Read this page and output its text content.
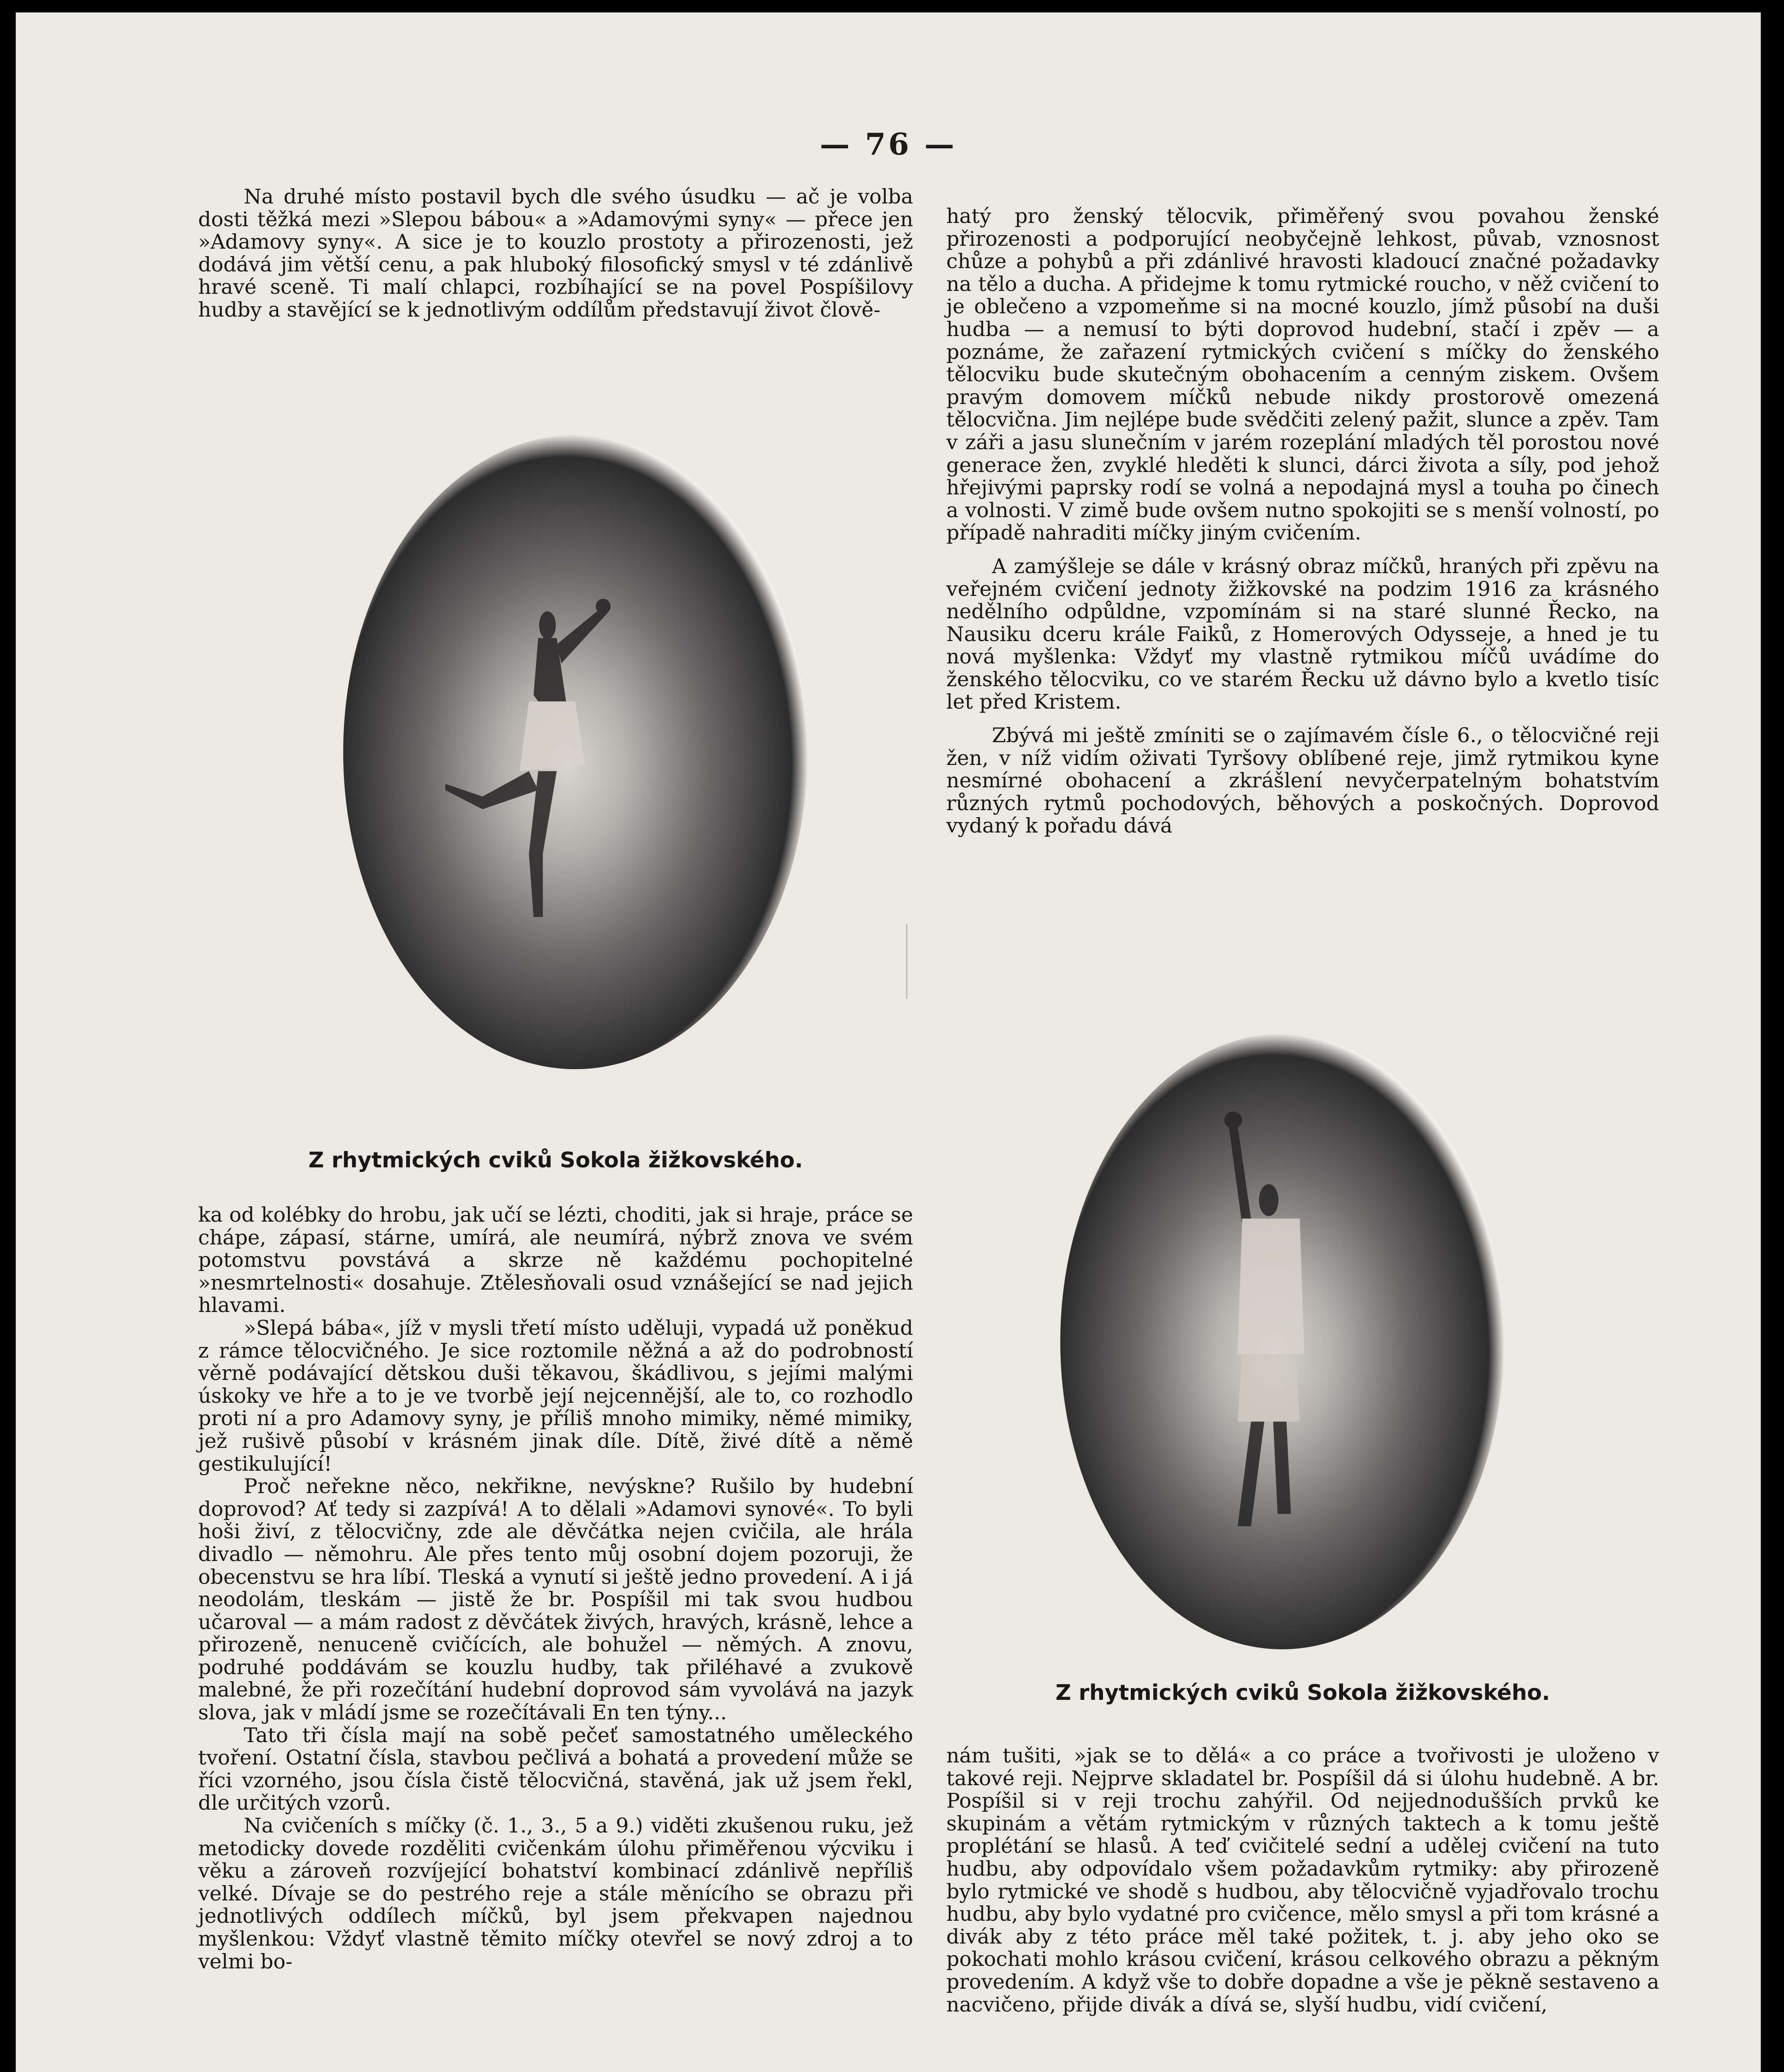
— 76 —

Na druhé místo postavil bych dle svého úsudku — ač je volba dosti těžká mezi »Slepou bábou« a »Adamovými syny« — přece jen »Adamovy syny«. A sice je to kouzlo prostoty a přirozenosti, jež dodává jim větší cenu, a pak hluboký filosofický smysl v té zdánlivě hravé sceně. Ti malí chlapci, rozbíhající se na povel Pospíšilovy hudby a stavějící se k jednotlivým oddílům představují život člově-

Z rhytmických cviků Sokola žižkovského.

ka od kolébky do hrobu, jak učí se lézti, choditi, jak si hraje, práce se chápe, zápasí, stárne, umírá, ale neumírá, nýbrž znova ve svém potomstvu povstává a skrze ně každému pochopitelné »nesmrtelnosti« dosahuje. Ztělesňovali osud vznášející se nad jejich hlavami.

»Slepá bába«, jíž v mysli třetí místo uděluji, vypadá už poněkud z rámce tělocvičného. Je sice roztomile něžná a až do podrobností věrně podávající dětskou duši těkavou, škádlivou, s jejími malými úskoky ve hře a to je ve tvorbě její nejcennější, ale to, co rozhodlo proti ní a pro Adamovy syny, je příliš mnoho mimiky, němé mimiky, jež rušivě působí v krásném jinak díle. Dítě, živé dítě a němě gestikulující!

Proč neřekne něco, nekřikne, nevýskne? Rušilo by hudební doprovod? Ať tedy si zazpívá! A to dělali »Adamovi synové«. To byli hoši živí, z tělocvičny, zde ale děvčátka nejen cvičila, ale hrála divadlo — němohru. Ale přes tento můj osobní dojem pozoruji, že obecenstvu se hra líbí. Tleská a vynutí si ještě jedno provedení. A i já neodolám, tleskám — jistě že br. Pospíšil mi tak svou hudbou učaroval — a mám radost z děvčátek živých, hravých, krásně, lehce a přirozeně, nenuceně cvičících, ale bohužel — němých. A znovu, podruhé poddávám se kouzlu hudby, tak přiléhavé a zvukově malebné, že při rozečítání hudební doprovod sám vyvolává na jazyk slova, jak v mládí jsme se rozečítávali En ten týny...

Tato tři čísla mají na sobě pečeť samostatného uměleckého tvoření. Ostatní čísla, stavbou pečlivá a bohatá a provedení může se říci vzorného, jsou čísla čistě tělocvičná, stavěná, jak už jsem řekl, dle určitých vzorů.

Na cvičeních s míčky (č. 1., 3., 5 a 9.) viděti zkušenou ruku, jež metodicky dovede rozděliti cvičenkám úlohu přiměřenou výcviku i věku a zároveň rozvíjející bohatství kombinací zdánlivě nepříliš velké. Dívaje se do pestrého reje a stále měnícího se obrazu při jednotlivých oddílech míčků, byl jsem překvapen najednou myšlenkou: Vždyť vlastně těmito míčky otevřel se nový zdroj a to velmi bo-

hatý pro ženský tělocvik, přiměřený svou povahou ženské přirozenosti a podporující neobyčejně lehkost, půvab, vznosnost chůze a pohybů a při zdánlivé hravosti kladoucí značné požadavky na tělo a ducha. A přidejme k tomu rytmické roucho, v něž cvičení to je oblečeno a vzpomeňme si na mocné kouzlo, jímž působí na duši hudba — a nemusí to býti doprovod hudební, stačí i zpěv — a poznáme, že zařazení rytmických cvičení s míčky do ženského tělocviku bude skutečným obohacením a cenným ziskem. Ovšem pravým domovem míčků nebude nikdy prostorově omezená tělocvična. Jim nejlépe bude svědčiti zelený pažit, slunce a zpěv. Tam v záři a jasu slunečním v jarém rozeplání mladých těl porostou nové generace žen, zvyklé hleděti k slunci, dárci života a síly, pod jehož hřejivými paprsky rodí se volná a nepodajná mysl a touha po činech a volnosti. V zimě bude ovšem nutno spokojiti se s menší volností, po případě nahraditi míčky jiným cvičením.

A zamýšleje se dále v krásný obraz míčků, hraných při zpěvu na veřejném cvičení jednoty žižkovské na podzim 1916 za krásného nedělního odpůldne, vzpomínám si na staré slunné Řecko, na Nausiku dceru krále Faiků, z Homerových Odysseje, a hned je tu nová myšlenka: Vždyť my vlastně rytmikou míčů uvádíme do ženského tělocviku, co ve starém Řecku už dávno bylo a kvetlo tisíc let před Kristem.

Zbývá mi ještě zmíniti se o zajímavém čísle 6., o tělocvičné reji žen, v níž vidím oživati Tyršovy oblíbené reje, jimž rytmikou kyne nesmírné obohacení a zkrášlení nevyčerpatelným bohatstvím různých rytmů pochodových, běhových a poskočných. Doprovod vydaný k pořadu dává

Z rhytmických cviků Sokola žižkovského.

nám tušiti, »jak se to dělá« a co práce a tvořivosti je uloženo v takové reji. Nejprve skladatel br. Pospíšil dá si úlohu hudebně. A br. Pospíšil si v reji trochu zahýřil. Od nejjednodušších prvků ke skupinám a větám rytmickým v různých taktech a k tomu ještě proplétání se hlasů. A teď cvičitelé sední a udělej cvičení na tuto hudbu, aby odpovídalo všem požadavkům rytmiky: aby přirozeně bylo rytmické ve shodě s hudbou, aby tělocvičně vyjadřovalo trochu hudbu, aby bylo vydatné pro cvičence, mělo smysl a při tom krásné a divák aby z této práce měl také požitek, t. j. aby jeho oko se pokochati mohlo krásou cvičení, krásou celkového obrazu a pěkným provedením. A když vše to dobře dopadne a vše je pěkně sestaveno a nacvičeno, přijde divák a dívá se, slyší hudbu, vidí cvičení,
